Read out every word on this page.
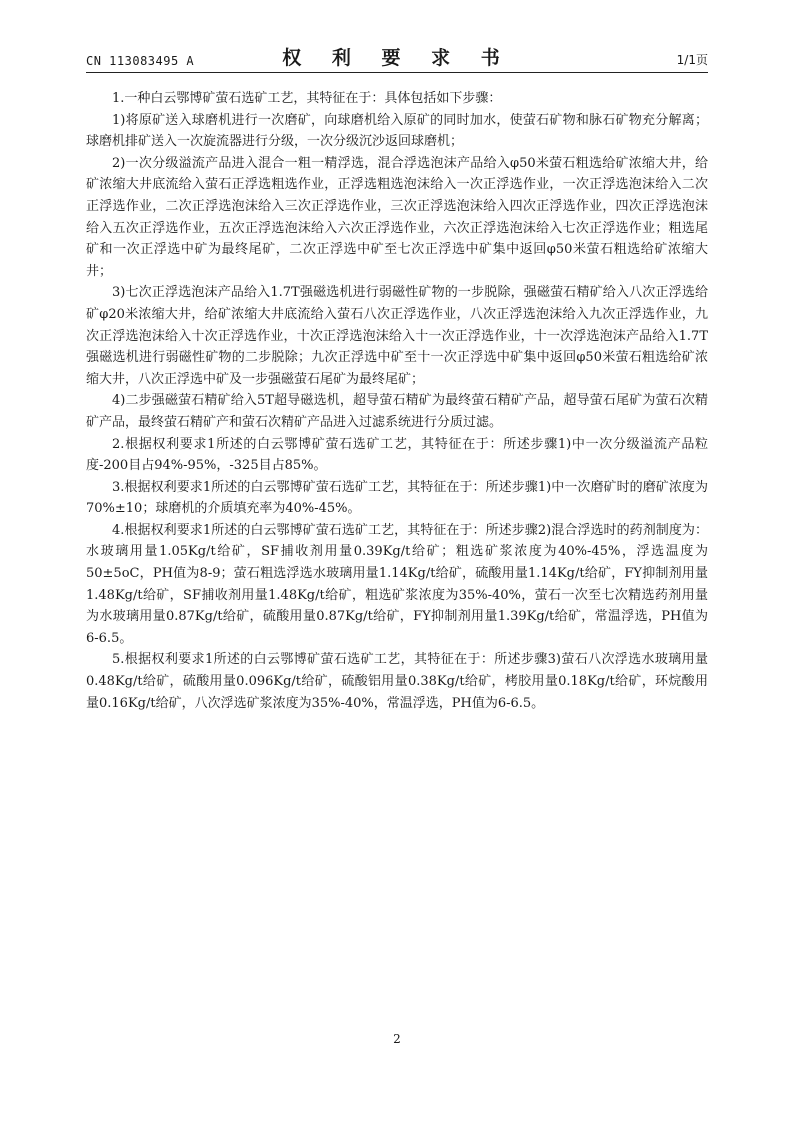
CN 113083495 A	权 利 要 求 书	1/1页

1.一种白云鄂博矿萤石选矿工艺，其特征在于：具体包括如下步骤：

1)将原矿送入球磨机进行一次磨矿，向球磨机给入原矿的同时加水，使萤石矿物和脉石矿物充分解离；球磨机排矿送入一次旋流器进行分级，一次分级沉沙返回球磨机；

2)一次分级溢流产品进入混合一粗一精浮选，混合浮选泡沫产品给入φ50米萤石粗选给矿浓缩大井，给矿浓缩大井底流给入萤石正浮选粗选作业，正浮选粗选泡沫给入一次正浮选作业，一次正浮选泡沫给入二次正浮选作业，二次正浮选泡沫给入三次正浮选作业，三次正浮选泡沫给入四次正浮选作业，四次正浮选泡沫给入五次正浮选作业，五次正浮选泡沫给入六次正浮选作业，六次正浮选泡沫给入七次正浮选作业；粗选尾矿和一次正浮选中矿为最终尾矿，二次正浮选中矿至七次正浮选中矿集中返回φ50米萤石粗选给矿浓缩大井；

3)七次正浮选泡沫产品给入1.7T强磁选机进行弱磁性矿物的一步脱除，强磁萤石精矿给入八次正浮选给矿φ20米浓缩大井，给矿浓缩大井底流给入萤石八次正浮选作业，八次正浮选泡沫给入九次正浮选作业，九次正浮选泡沫给入十次正浮选作业，十次正浮选泡沫给入十一次正浮选作业，十一次浮选泡沫产品给入1.7T强磁选机进行弱磁性矿物的二步脱除；九次正浮选中矿至十一次正浮选中矿集中返回φ50米萤石粗选给矿浓缩大井，八次正浮选中矿及一步强磁萤石尾矿为最终尾矿；

4)二步强磁萤石精矿给入5T超导磁选机，超导萤石精矿为最终萤石精矿产品，超导萤石尾矿为萤石次精矿产品，最终萤石精矿产和萤石次精矿产品进入过滤系统进行分质过滤。

2.根据权利要求1所述的白云鄂博矿萤石选矿工艺，其特征在于：所述步骤1)中一次分级溢流产品粒度-200目占94%-95%，-325目占85%。

3.根据权利要求1所述的白云鄂博矿萤石选矿工艺，其特征在于：所述步骤1)中一次磨矿时的磨矿浓度为70%±10；球磨机的介质填充率为40%-45%。

4.根据权利要求1所述的白云鄂博矿萤石选矿工艺，其特征在于：所述步骤2)混合浮选时的药剂制度为：水玻璃用量1.05Kg/t给矿，SF捕收剂用量0.39Kg/t给矿；粗选矿浆浓度为40%-45%，浮选温度为50±5oC，PH值为8-9；萤石粗选浮选水玻璃用量1.14Kg/t给矿，硫酸用量1.14Kg/t给矿，FY抑制剂用量1.48Kg/t给矿，SF捕收剂用量1.48Kg/t给矿，粗选矿浆浓度为35%-40%，萤石一次至七次精选药剂用量为水玻璃用量0.87Kg/t给矿，硫酸用量0.87Kg/t给矿，FY抑制剂用量1.39Kg/t给矿，常温浮选，PH值为6-6.5。

5.根据权利要求1所述的白云鄂博矿萤石选矿工艺，其特征在于：所述步骤3)萤石八次浮选水玻璃用量0.48Kg/t给矿，硫酸用量0.096Kg/t给矿，硫酸铝用量0.38Kg/t给矿，栲胶用量0.18Kg/t给矿，环烷酸用量0.16Kg/t给矿，八次浮选矿浆浓度为35%-40%，常温浮选，PH值为6-6.5。

2
